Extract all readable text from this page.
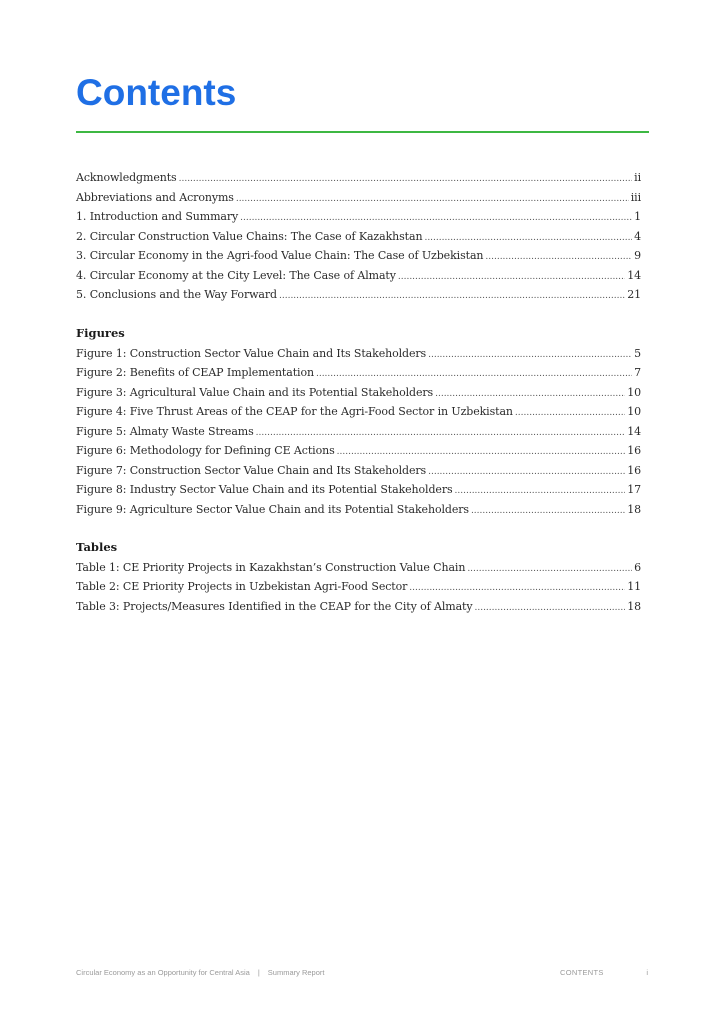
Contents
Acknowledgments .....	ii
Abbreviations and Acronyms .....	iii
1. Introduction and Summary .....	1
2. Circular Construction Value Chains: The Case of Kazakhstan .....	4
3. Circular Economy in the Agri-food Value Chain: The Case of Uzbekistan .....	9
4. Circular Economy at the City Level: The Case of Almaty .....	14
5. Conclusions and the Way Forward .....	21
Figures
Figure 1: Construction Sector Value Chain and Its Stakeholders .....	5
Figure 2: Benefits of CEAP Implementation .....	7
Figure 3: Agricultural Value Chain and its Potential Stakeholders .....	10
Figure 4: Five Thrust Areas of the CEAP for the Agri-Food Sector in Uzbekistan .....	10
Figure 5: Almaty Waste Streams .....	14
Figure 6: Methodology for Defining CE Actions .....	16
Figure 7: Construction Sector Value Chain and Its Stakeholders .....	16
Figure 8: Industry Sector Value Chain and its Potential Stakeholders .....	17
Figure 9: Agriculture Sector Value Chain and its Potential Stakeholders .....	18
Tables
Table 1: CE Priority Projects in Kazakhstan’s Construction Value Chain .....	6
Table 2: CE Priority Projects in Uzbekistan Agri-Food Sector .....	11
Table 3: Projects/Measures Identified in the CEAP for the City of Almaty .....	18
Circular Economy as an Opportunity for Central Asia | Summary Report	CONTENTS	i
